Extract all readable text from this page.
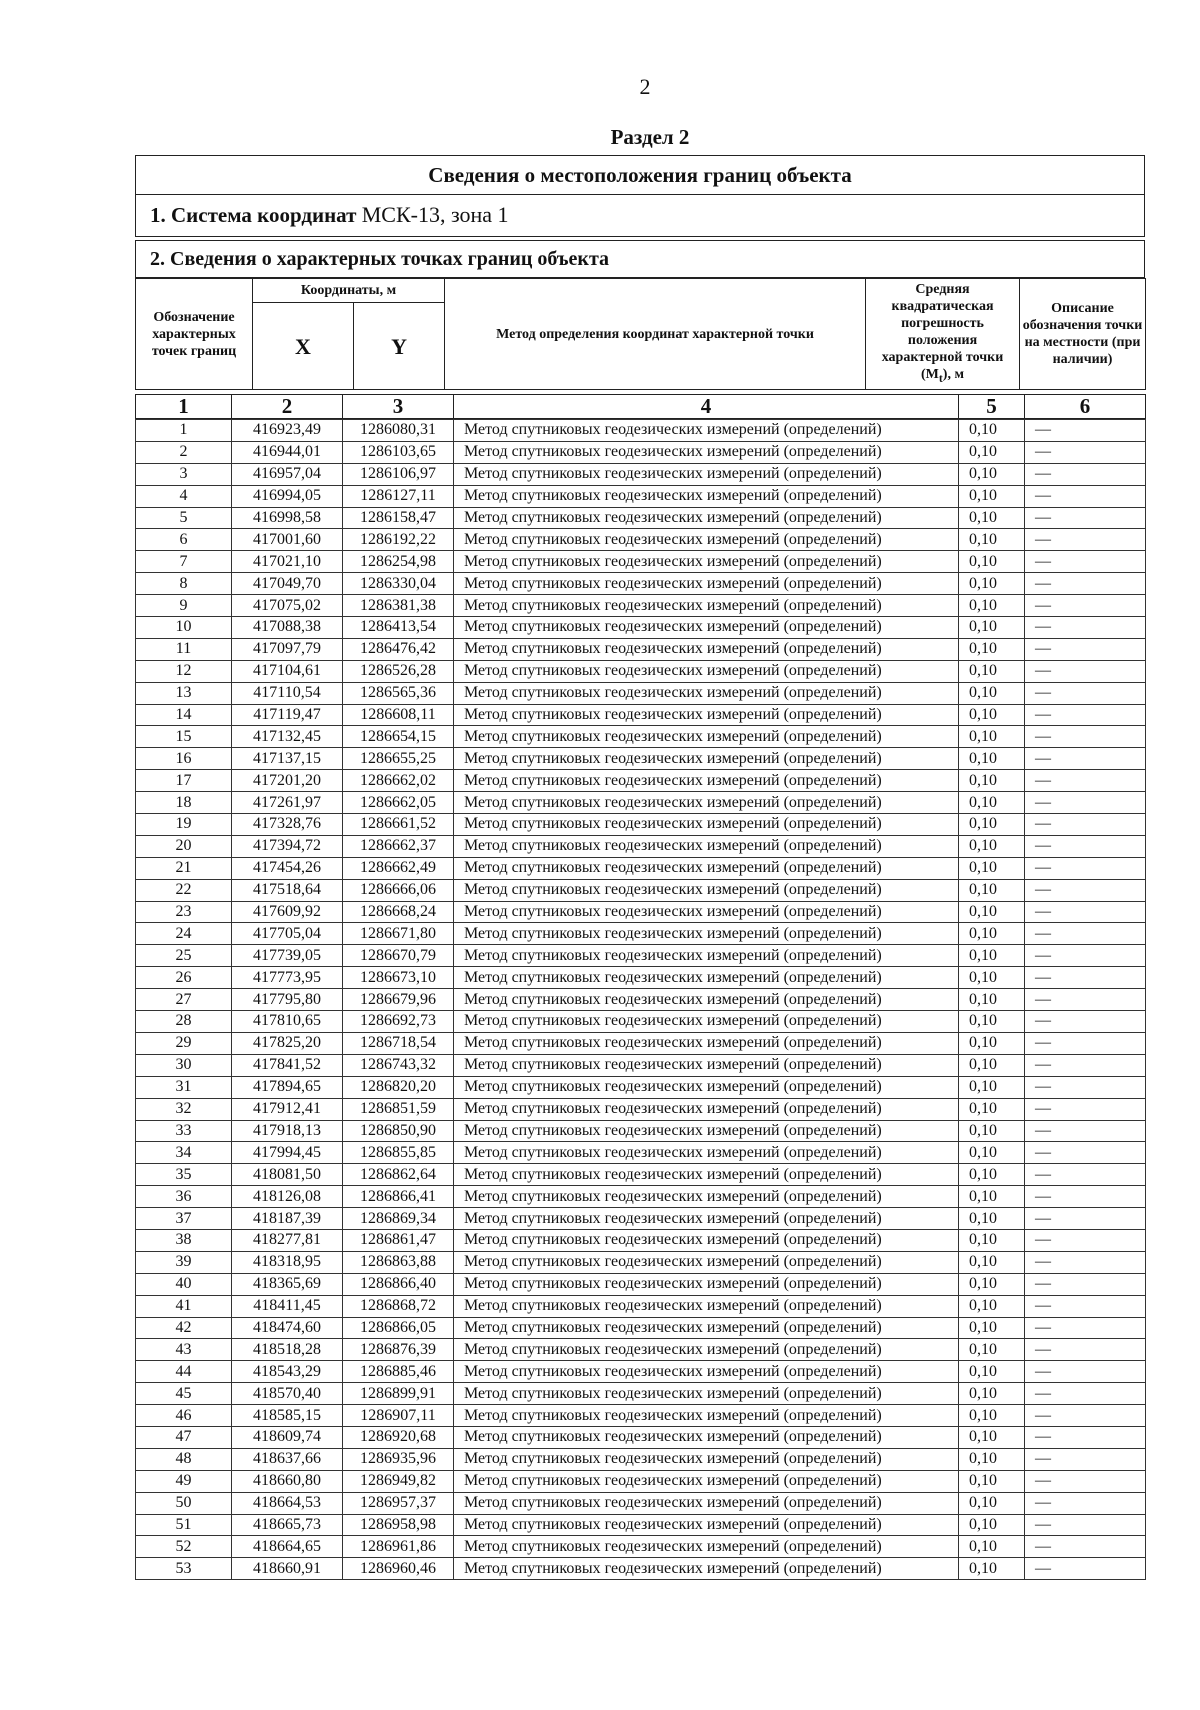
2
Раздел 2
Сведения о местоположения границ объекта
1. Система координат МСК-13, зона 1
2. Сведения о характерных точках границ объекта
Обозначение характерных точек границ	Координаты, м		Метод определения координат характерной точки	Средняя квадратическая погрешность положения характерной точки $(M_t)$, м	Описание обозначения точки на местности (при наличии)
	X	Y			
1	2	3	4	5	6
1	416923,49	1286080,31	Метод спутниковых геодезических измерений (определений)	0,10	—
2	416944,01	1286103,65	Метод спутниковых геодезических измерений (определений)	0,10	—
3	416957,04	1286106,97	Метод спутниковых геодезических измерений (определений)	0,10	—
4	416994,05	1286127,11	Метод спутниковых геодезических измерений (определений)	0,10	—
5	416998,58	1286158,47	Метод спутниковых геодезических измерений (определений)	0,10	—
6	417001,60	1286192,22	Метод спутниковых геодезических измерений (определений)	0,10	—
7	417021,10	1286254,98	Метод спутниковых геодезических измерений (определений)	0,10	—
8	417049,70	1286330,04	Метод спутниковых геодезических измерений (определений)	0,10	—
9	417075,02	1286381,38	Метод спутниковых геодезических измерений (определений)	0,10	—
10	417088,38	1286413,54	Метод спутниковых геодезических измерений (определений)	0,10	—
11	417097,79	1286476,42	Метод спутниковых геодезических измерений (определений)	0,10	—
12	417104,61	1286526,28	Метод спутниковых геодезических измерений (определений)	0,10	—
13	417110,54	1286565,36	Метод спутниковых геодезических измерений (определений)	0,10	—
14	417119,47	1286608,11	Метод спутниковых геодезических измерений (определений)	0,10	—
15	417132,45	1286654,15	Метод спутниковых геодезических измерений (определений)	0,10	—
16	417137,15	1286655,25	Метод спутниковых геодезических измерений (определений)	0,10	—
17	417201,20	1286662,02	Метод спутниковых геодезических измерений (определений)	0,10	—
18	417261,97	1286662,05	Метод спутниковых геодезических измерений (определений)	0,10	—
19	417328,76	1286661,52	Метод спутниковых геодезических измерений (определений)	0,10	—
20	417394,72	1286662,37	Метод спутниковых геодезических измерений (определений)	0,10	—
21	417454,26	1286662,49	Метод спутниковых геодезических измерений (определений)	0,10	—
22	417518,64	1286666,06	Метод спутниковых геодезических измерений (определений)	0,10	—
23	417609,92	1286668,24	Метод спутниковых геодезических измерений (определений)	0,10	—
24	417705,04	1286671,80	Метод спутниковых геодезических измерений (определений)	0,10	—
25	417739,05	1286670,79	Метод спутниковых геодезических измерений (определений)	0,10	—
26	417773,95	1286673,10	Метод спутниковых геодезических измерений (определений)	0,10	—
27	417795,80	1286679,96	Метод спутниковых геодезических измерений (определений)	0,10	—
28	417810,65	1286692,73	Метод спутниковых геодезических измерений (определений)	0,10	—
29	417825,20	1286718,54	Метод спутниковых геодезических измерений (определений)	0,10	—
30	417841,52	1286743,32	Метод спутниковых геодезических измерений (определений)	0,10	—
31	417894,65	1286820,20	Метод спутниковых геодезических измерений (определений)	0,10	—
32	417912,41	1286851,59	Метод спутниковых геодезических измерений (определений)	0,10	—
33	417918,13	1286850,90	Метод спутниковых геодезических измерений (определений)	0,10	—
34	417994,45	1286855,85	Метод спутниковых геодезических измерений (определений)	0,10	—
35	418081,50	1286862,64	Метод спутниковых геодезических измерений (определений)	0,10	—
36	418126,08	1286866,41	Метод спутниковых геодезических измерений (определений)	0,10	—
37	418187,39	1286869,34	Метод спутниковых геодезических измерений (определений)	0,10	—
38	418277,81	1286861,47	Метод спутниковых геодезических измерений (определений)	0,10	—
39	418318,95	1286863,88	Метод спутниковых геодезических измерений (определений)	0,10	—
40	418365,69	1286866,40	Метод спутниковых геодезических измерений (определений)	0,10	—
41	418411,45	1286868,72	Метод спутниковых геодезических измерений (определений)	0,10	—
42	418474,60	1286866,05	Метод спутниковых геодезических измерений (определений)	0,10	—
43	418518,28	1286876,39	Метод спутниковых геодезических измерений (определений)	0,10	—
44	418543,29	1286885,46	Метод спутниковых геодезических измерений (определений)	0,10	—
45	418570,40	1286899,91	Метод спутниковых геодезических измерений (определений)	0,10	—
46	418585,15	1286907,11	Метод спутниковых геодезических измерений (определений)	0,10	—
47	418609,74	1286920,68	Метод спутниковых геодезических измерений (определений)	0,10	—
48	418637,66	1286935,96	Метод спутниковых геодезических измерений (определений)	0,10	—
49	418660,80	1286949,82	Метод спутниковых геодезических измерений (определений)	0,10	—
50	418664,53	1286957,37	Метод спутниковых геодезических измерений (определений)	0,10	—
51	418665,73	1286958,98	Метод спутниковых геодезических измерений (определений)	0,10	—
52	418664,65	1286961,86	Метод спутниковых геодезических измерений (определений)	0,10	—
53	418660,91	1286960,46	Метод спутниковых геодезических измерений (определений)	0,10	—
